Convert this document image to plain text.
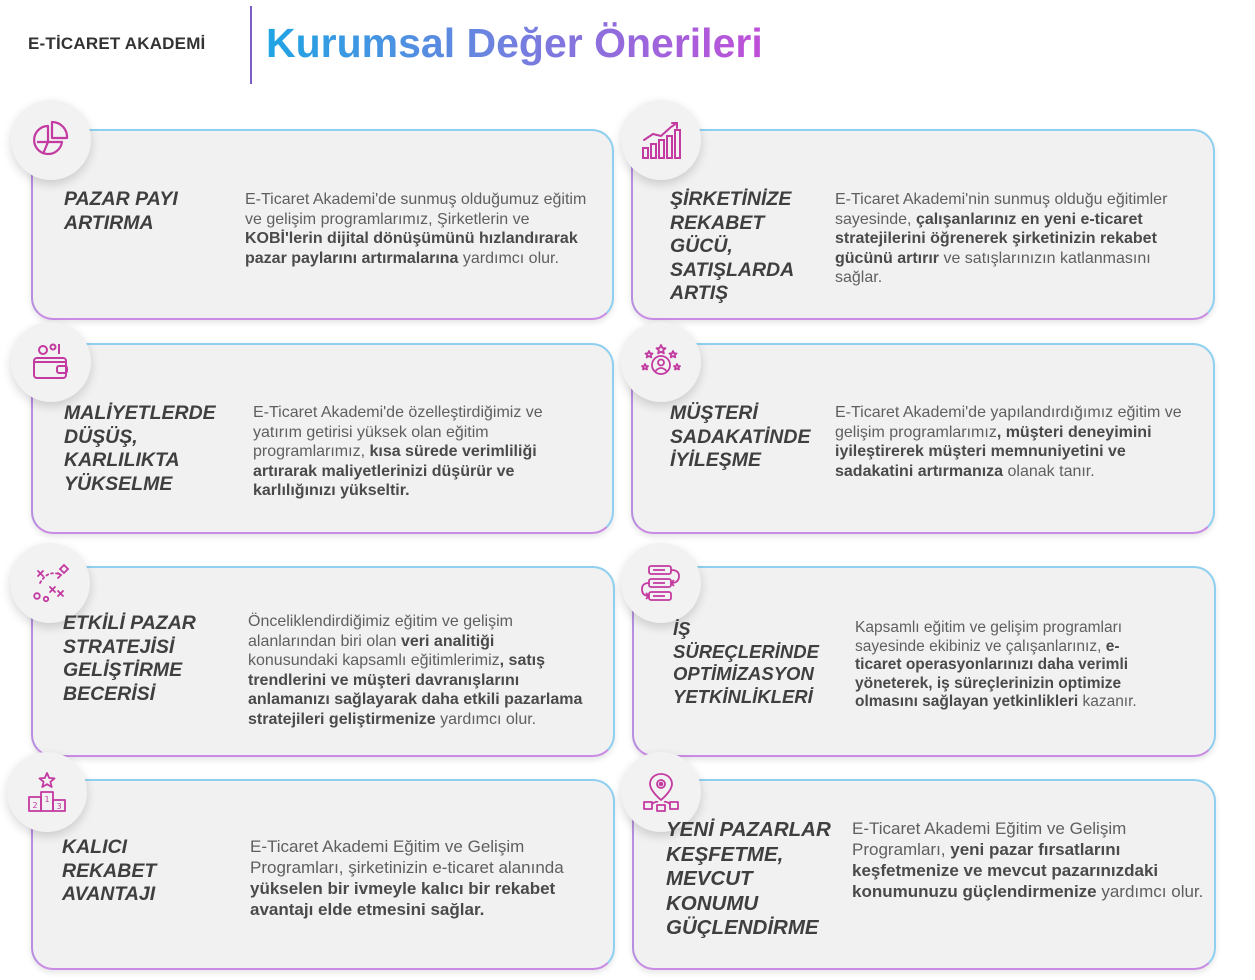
E-TİCARET AKADEMİ Kurumsal Değer Önerileri
PAZAR PAYI ARTIRMA
E-Ticaret Akademi'de sunmuş olduğumuz eğitim ve gelişim programlarımız, Şirketlerin ve KOBİ'lerin dijital dönüşümünü hızlandırarak pazar paylarını artırmalarına yardımcı olur.
ŞİRKETİNİZE REKABET GÜCÜ, SATIŞLARDA ARTIŞ
E-Ticaret Akademi'nin sunmuş olduğu eğitimler sayesinde, çalışanlarınız en yeni e-ticaret stratejilerini öğrenerek şirketinizin rekabet gücünü artırır ve satışlarınızın katlanmasını sağlar.
MALİYETLERDE DÜŞÜŞ, KARLILIKTA YÜKSELME
E-Ticaret Akademi'de özelleştirdiğimiz ve yatırım getirisi yüksek olan eğitim programlarımız, kısa sürede verimliliği artırarak maliyetlerinizi düşürür ve karlılığınızı yükseltir.
MÜŞTERİ SADAKATİNDE İYİLEŞME
E-Ticaret Akademi'de yapılandırdığımız eğitim ve gelişim programlarımız, müşteri deneyimini iyileştirerek müşteri memnuniyetini ve sadakatini artırmanıza olanak tanır.
ETKİLİ PAZAR STRATEJİSİ GELİŞTİRME BECERİSİ
Önceliklendirdiğimiz eğitim ve gelişim alanlarından biri olan veri analitiği konusundaki kapsamlı eğitimlerimiz, satış trendlerini ve müşteri davranışlarını anlamanızı sağlayarak daha etkili pazarlama stratejileri geliştirmenize yardımcı olur.
İŞ SÜREÇLERİNDE OPTİMİZASYON YETKİNLİKLERİ
Kapsamlı eğitim ve gelişim programları sayesinde ekibiniz ve çalışanlarınız, e-ticaret operasyonlarınızı daha verimli yöneterek, iş süreçlerinizin optimize olmasını sağlayan yetkinlikleri kazanır.
2
1
3
KALICI REKABET AVANTAJI
E-Ticaret Akademi Eğitim ve Gelişim Programları, şirketinizin e-ticaret alanında yükselen bir ivmeyle kalıcı bir rekabet avantajı elde etmesini sağlar.
YENİ PAZARLAR KEŞFETME, MEVCUT KONUMU GÜÇLENDİRME
E-Ticaret Akademi Eğitim ve Gelişim Programları, yeni pazar fırsatlarını keşfetmenize ve mevcut pazarınızdaki konumunuzu güçlendirmenize yardımcı olur.
